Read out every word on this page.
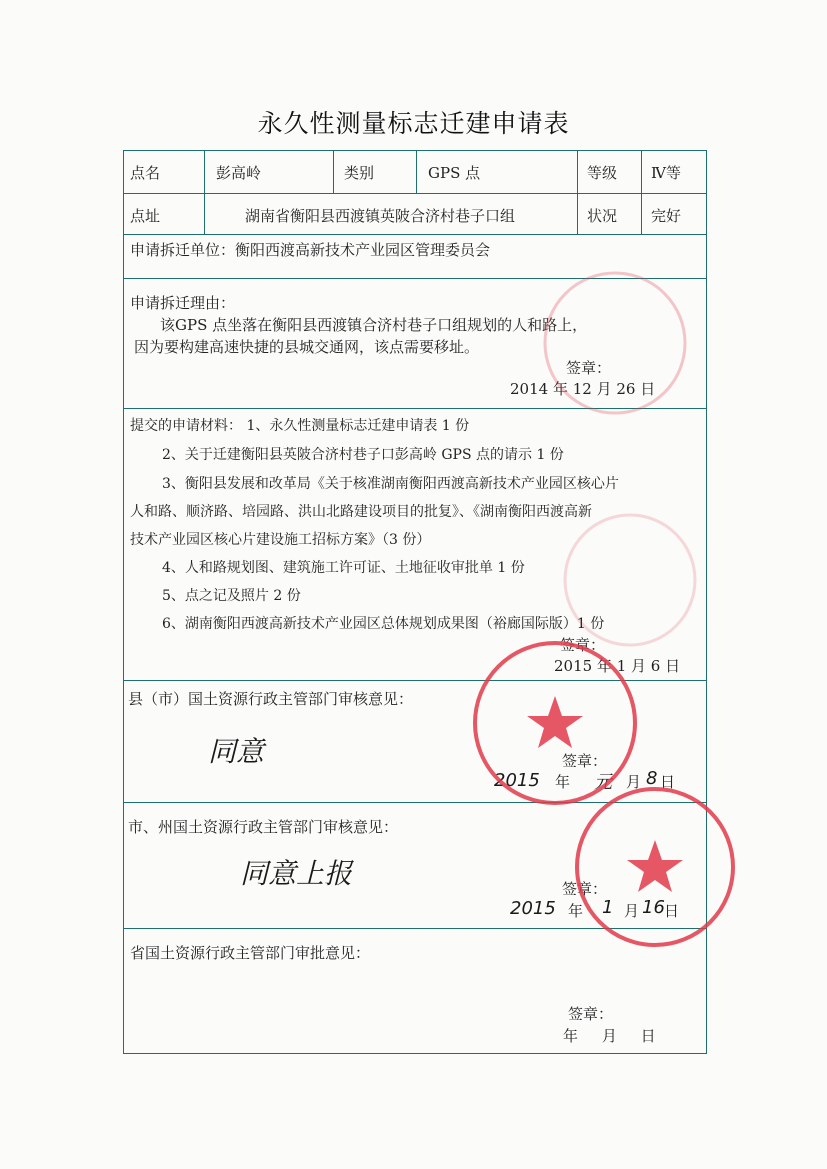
永久性测量标志迁建申请表
点名	彭高岭	类别	GPS 点	等级 Ⅳ等
点址	湖南省衡阳县西渡镇英陂合济村巷子口组	状况 完好
申请拆迁单位：衡阳西渡高新技术产业园区管理委员会
申请拆迁理由：
该GPS 点坐落在衡阳县西渡镇合济村巷子口组规划的人和路上，
因为要构建高速快捷的县城交通网，该点需要移址。
签章：
2014 年 12 月 26 日
提交的申请材料： 1、永久性测量标志迁建申请表 1 份
2、关于迁建衡阳县英陂合济村巷子口彭高岭 GPS 点的请示 1 份
3、衡阳县发展和改革局《关于核准湖南衡阳西渡高新技术产业园区核心片
人和路、顺济路、培园路、洪山北路建设项目的批复》、《湖南衡阳西渡高新
技术产业园区核心片建设施工招标方案》（3 份）
4、人和路规划图、建筑施工许可证、土地征收审批单 1 份
5、点之记及照片 2 份
6、湖南衡阳西渡高新技术产业园区总体规划成果图（裕廊国际版）1 份
签章：
2015 年 1 月 6 日
县（市）国土资源行政主管部门审核意见：
同意	签章：
2015 年 元 月 8 日
市、州国土资源行政主管部门审核意见：
同意上报	签章：
2015 年 1 月 16 日
省国土资源行政主管部门审批意见：
签章：
年     月     日
